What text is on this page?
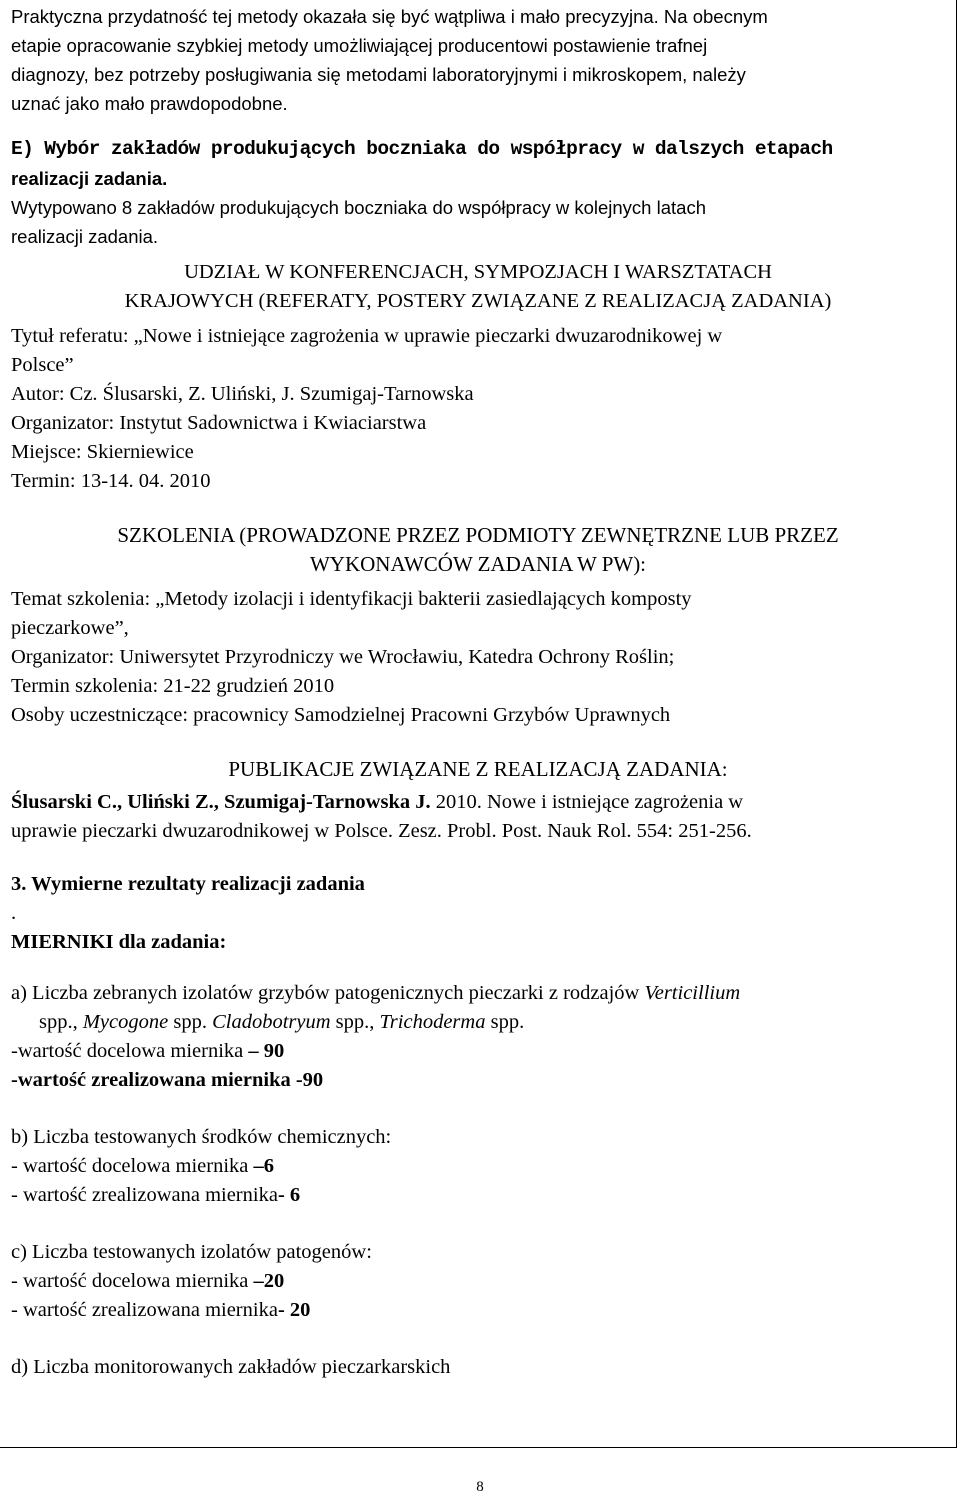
Praktyczna przydatność tej metody okazała się być wątpliwa i mało precyzyjna. Na obecnym

etapie opracowanie szybkiej metody umożliwiającej producentowi postawienie trafnej

diagnozy, bez potrzeby posługiwania się metodami laboratoryjnymi i mikroskopem, należy

uznać jako mało prawdopodobne.

E) Wybór zakładów produkujących boczniaka do współpracy w dalszych etapach

realizacji zadania.

Wytypowano 8 zakładów produkujących boczniaka do współpracy w kolejnych latach

realizacji zadania.

UDZIAŁ W KONFERENCJACH, SYMPOZJACH I WARSZTATACH

KRAJOWYCH (REFERATY, POSTERY ZWIĄZANE Z REALIZACJĄ ZADANIA)

Tytuł referatu: „Nowe i istniejące zagrożenia w uprawie pieczarki dwuzarodnikowej w

Polsce”

Autor: Cz. Ślusarski, Z. Uliński, J. Szumigaj-Tarnowska

Organizator: Instytut Sadownictwa i Kwiaciarstwa

Miejsce: Skierniewice

Termin: 13-14. 04. 2010

SZKOLENIA (PROWADZONE PRZEZ PODMIOTY ZEWNĘTRZNE LUB PRZEZ

WYKONAWCÓW ZADANIA W PW):

Temat szkolenia: „Metody izolacji i identyfikacji bakterii zasiedlających komposty

pieczarkowe”,

Organizator: Uniwersytet Przyrodniczy we Wrocławiu, Katedra Ochrony Roślin;

Termin szkolenia: 21-22 grudzień 2010

Osoby uczestniczące: pracownicy Samodzielnej Pracowni Grzybów Uprawnych

PUBLIKACJE ZWIĄZANE Z REALIZACJĄ ZADANIA:

Ślusarski C., Uliński Z., Szumigaj-Tarnowska J. 2010. Nowe i istniejące zagrożenia w

uprawie pieczarki dwuzarodnikowej w Polsce. Zesz. Probl. Post. Nauk Rol. 554: 251-256.

3. Wymierne rezultaty realizacji zadania

.

MIERNIKI dla zadania:

a) Liczba zebranych izolatów grzybów patogenicznych pieczarki z rodzajów Verticillium

spp., Mycogone spp. Cladobotryum spp., Trichoderma spp.

-wartość docelowa miernika – 90

-wartość zrealizowana miernika -90

b) Liczba testowanych środków chemicznych:

- wartość docelowa miernika –6

- wartość zrealizowana miernika- 6

c) Liczba testowanych izolatów patogenów:

- wartość docelowa miernika –20

- wartość zrealizowana miernika- 20

d) Liczba monitorowanych zakładów pieczarkarskich

8
